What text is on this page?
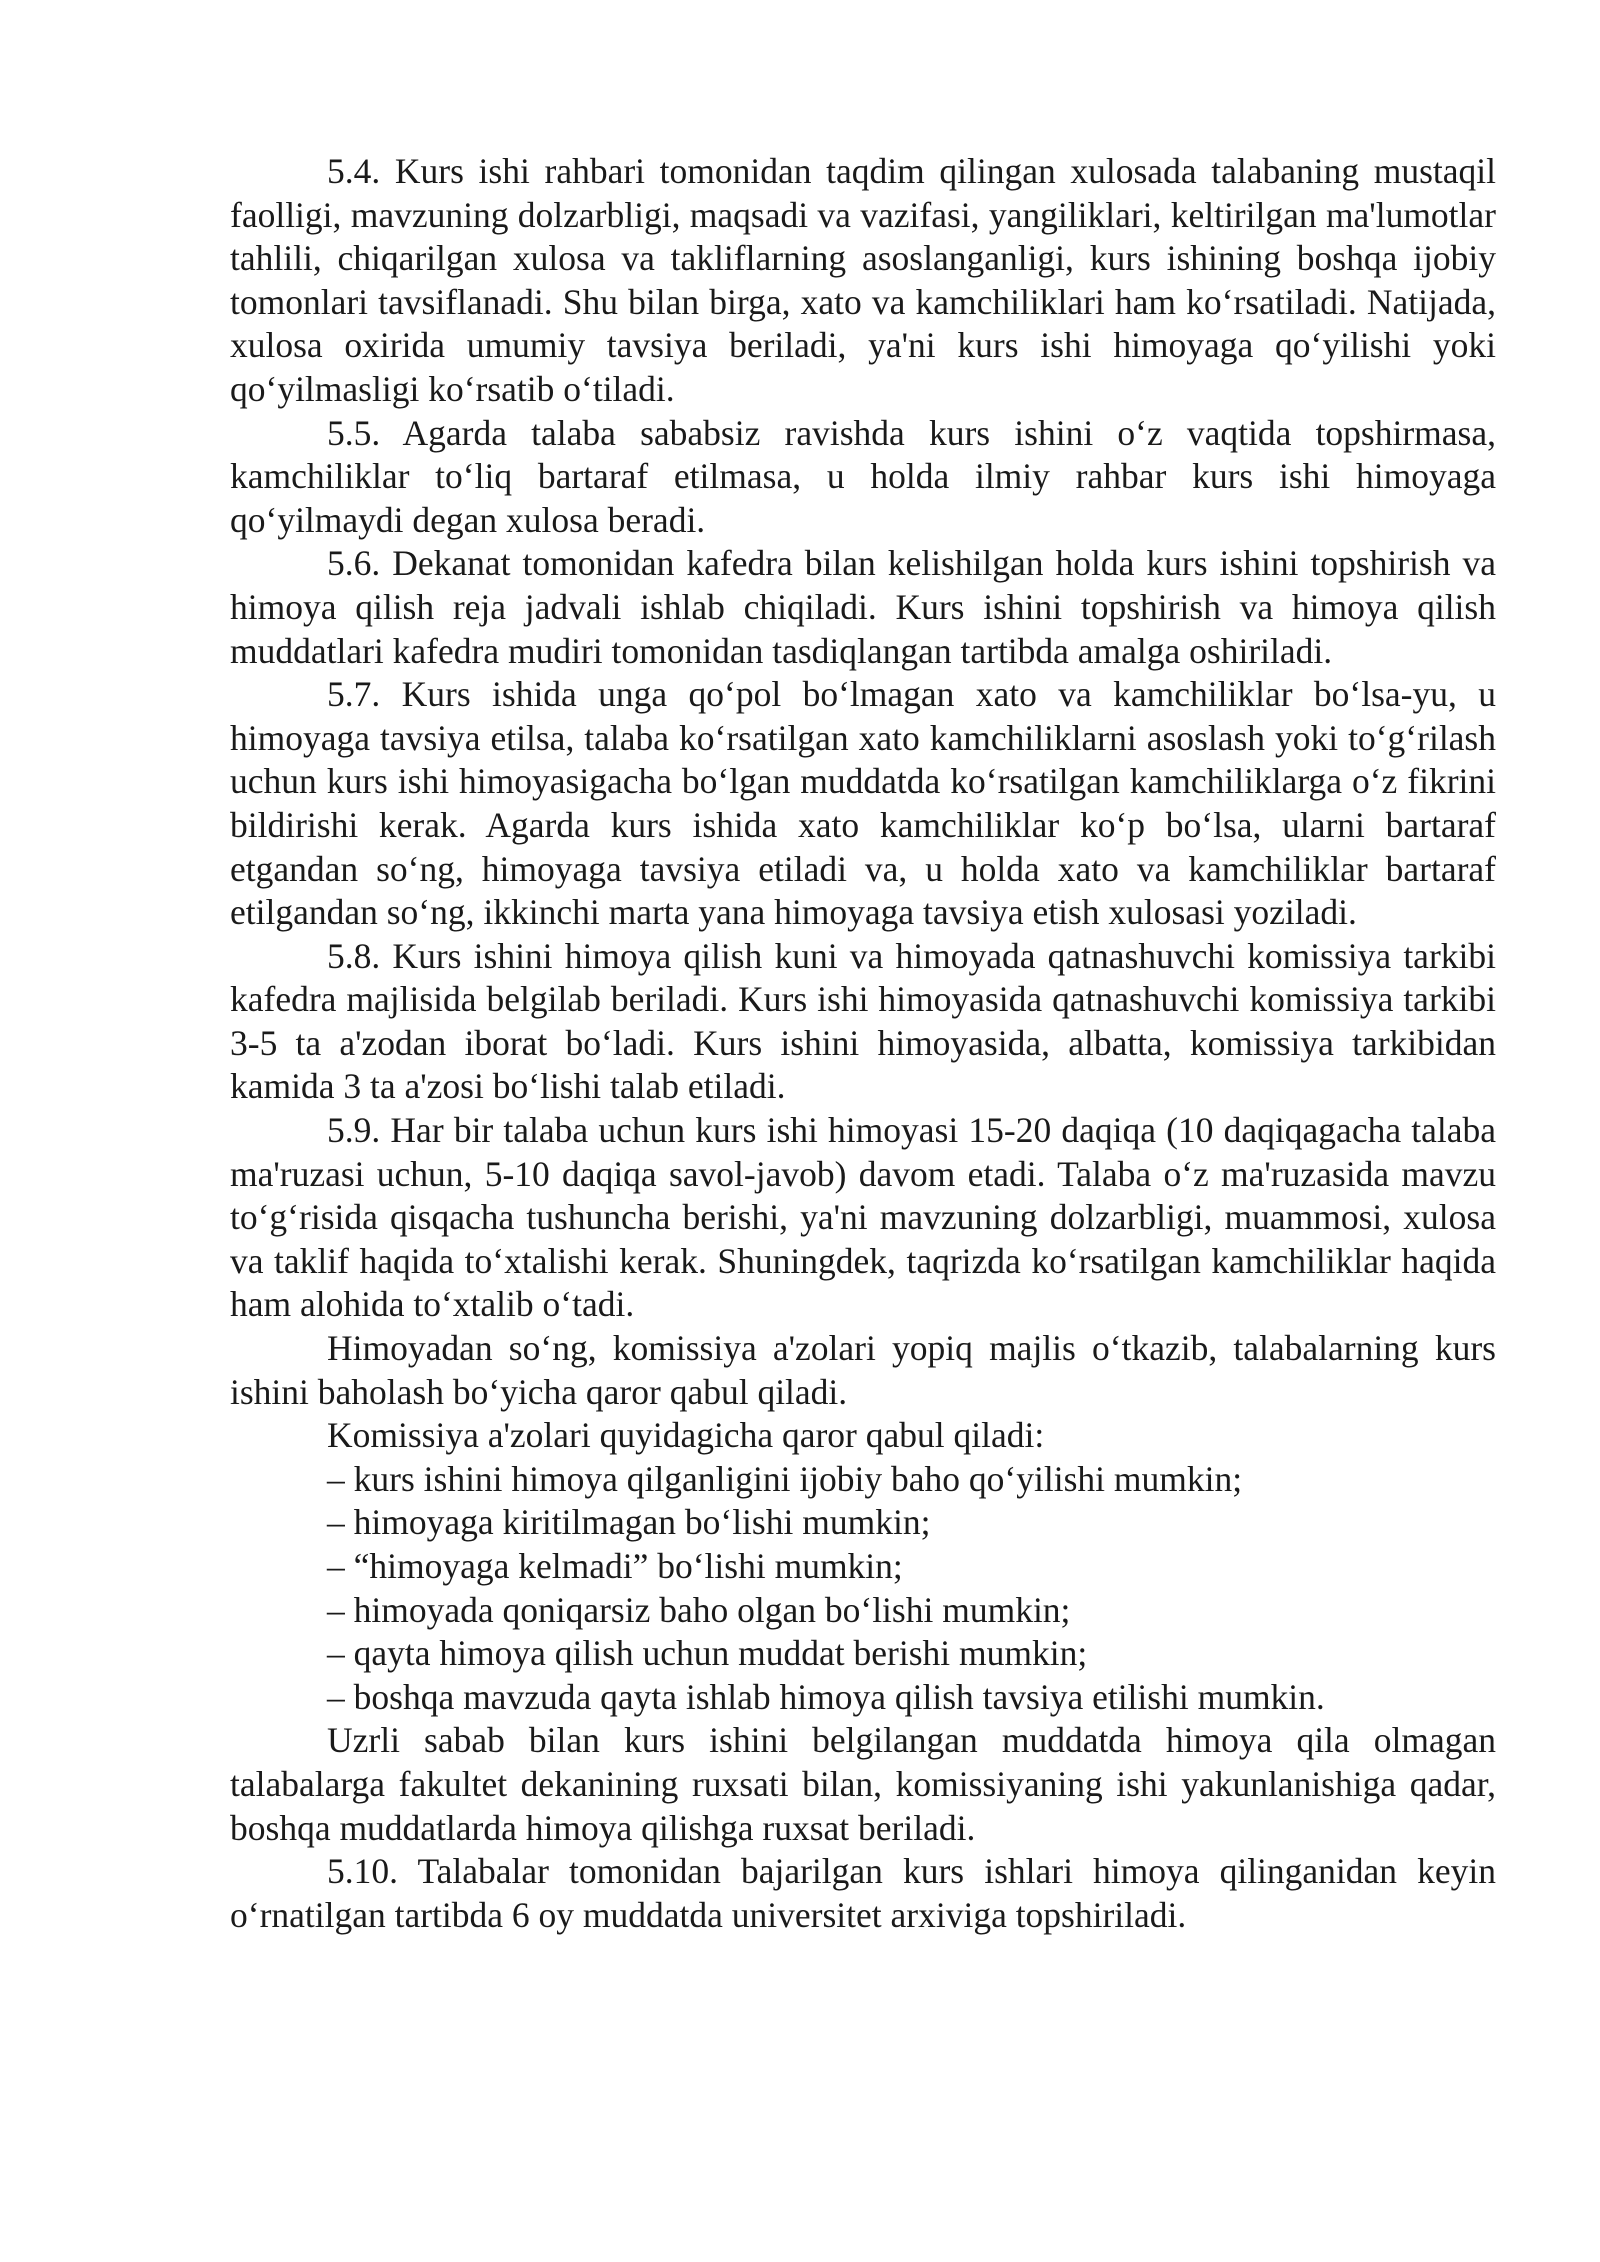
5.4. Kurs ishi rahbari tomonidan taqdim qilingan xulosada talabaning mustaqil faolligi, mavzuning dolzarbligi, maqsadi va vazifasi, yangiliklari, keltirilgan ma'lumotlar tahlili, chiqarilgan xulosa va takliflarning asoslanganligi, kurs ishining boshqa ijobiy tomonlari tavsiflanadi. Shu bilan birga, xato va kamchiliklari ham ko‘rsatiladi. Natijada, xulosa oxirida umumiy tavsiya beriladi, ya'ni kurs ishi himoyaga qo‘yilishi yoki qo‘yilmasligi ko‘rsatib o‘tiladi.

5.5. Agarda talaba sababsiz ravishda kurs ishini o‘z vaqtida topshirmasa, kamchiliklar to‘liq bartaraf etilmasa, u holda ilmiy rahbar kurs ishi himoyaga qo‘yilmaydi degan xulosa beradi.

5.6. Dekanat tomonidan kafedra bilan kelishilgan holda kurs ishini topshirish va himoya qilish reja jadvali ishlab chiqiladi. Kurs ishini topshirish va himoya qilish muddatlari kafedra mudiri tomonidan tasdiqlangan tartibda amalga oshiriladi.

5.7. Kurs ishida unga qo‘pol bo‘lmagan xato va kamchiliklar bo‘lsa-yu, u himoyaga tavsiya etilsa, talaba ko‘rsatilgan xato kamchiliklarni asoslash yoki to‘g‘rilash uchun kurs ishi himoyasigacha bo‘lgan muddatda ko‘rsatilgan kamchiliklarga o‘z fikrini bildirishi kerak. Agarda kurs ishida xato kamchiliklar ko‘p bo‘lsa, ularni bartaraf etgandan so‘ng, himoyaga tavsiya etiladi va, u holda xato va kamchiliklar bartaraf etilgandan so‘ng, ikkinchi marta yana himoyaga tavsiya etish xulosasi yoziladi.

5.8. Kurs ishini himoya qilish kuni va himoyada qatnashuvchi komissiya tarkibi kafedra majlisida belgilab beriladi. Kurs ishi himoyasida qatnashuvchi komissiya tarkibi 3-5 ta a'zodan iborat bo‘ladi. Kurs ishini himoyasida, albatta, komissiya tarkibidan kamida 3 ta a'zosi bo‘lishi talab etiladi.

5.9. Har bir talaba uchun kurs ishi himoyasi 15-20 daqiqa (10 daqiqagacha talaba ma'ruzasi uchun, 5-10 daqiqa savol-javob) davom etadi. Talaba o‘z ma'ruzasida mavzu to‘g‘risida qisqacha tushuncha berishi, ya'ni mavzuning dolzarbligi, muammosi, xulosa va taklif haqida to‘xtalishi kerak. Shuningdek, taqrizda ko‘rsatilgan kamchiliklar haqida ham alohida to‘xtalib o‘tadi.

Himoyadan so‘ng, komissiya a'zolari yopiq majlis o‘tkazib, talabalarning kurs ishini baholash bo‘yicha qaror qabul qiladi.

Komissiya a'zolari quyidagicha qaror qabul qiladi:

– kurs ishini himoya qilganligini ijobiy baho qo‘yilishi mumkin;

– himoyaga kiritilmagan bo‘lishi mumkin;

– “himoyaga kelmadi” bo‘lishi mumkin;

– himoyada qoniqarsiz baho olgan bo‘lishi mumkin;

– qayta himoya qilish uchun muddat berishi mumkin;

– boshqa mavzuda qayta ishlab himoya qilish tavsiya etilishi mumkin.

Uzrli sabab bilan kurs ishini belgilangan muddatda himoya qila olmagan talabalarga fakultet dekanining ruxsati bilan, komissiyaning ishi yakunlanishiga qadar, boshqa muddatlarda himoya qilishga ruxsat beriladi.

5.10. Talabalar tomonidan bajarilgan kurs ishlari himoya qilinganidan keyin o‘rnatilgan tartibda 6 oy muddatda universitet arxiviga topshiriladi.
